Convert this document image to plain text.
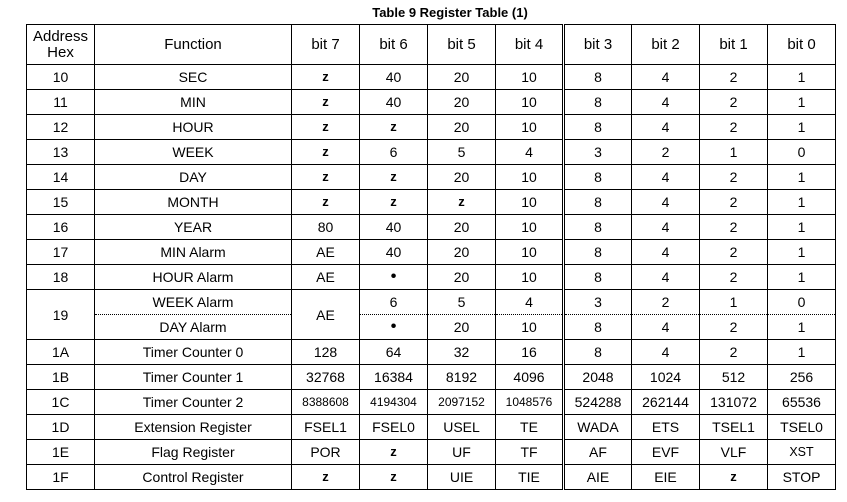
Table 9 Register Table (1)
Address
Hex	Function	bit 7	bit 6	bit 5	bit 4	bit 3	bit 2	bit 1	bit 0
10	SEC	z	40	20	10	8	4	2	1
11	MIN	z	40	20	10	8	4	2	1
12	HOUR	z	z	20	10	8	4	2	1
13	WEEK	z	6	5	4	3	2	1	0
14	DAY	z	z	20	10	8	4	2	1
15	MONTH	z	z	z	10	8	4	2	1
16	YEAR	80	40	20	10	8	4	2	1
17	MIN Alarm	AE	40	20	10	8	4	2	1
18	HOUR Alarm	AE	•	20	10	8	4	2	1
19	WEEK Alarm	AE	6	5	4	3	2	1	0
	DAY Alarm		•	20	10	8	4	2	1
1A	Timer Counter 0	128	64	32	16	8	4	2	1
1B	Timer Counter 1	32768	16384	8192	4096	2048	1024	512	256
1C	Timer Counter 2	8388608	4194304	2097152	1048576	524288	262144	131072	65536
1D	Extension Register	FSEL1	FSEL0	USEL	TE	WADA	ETS	TSEL1	TSEL0
1E	Flag Register	POR	z	UF	TF	AF	EVF	VLF	XST
1F	Control Register	z	z	UIE	TIE	AIE	EIE	z	STOP
